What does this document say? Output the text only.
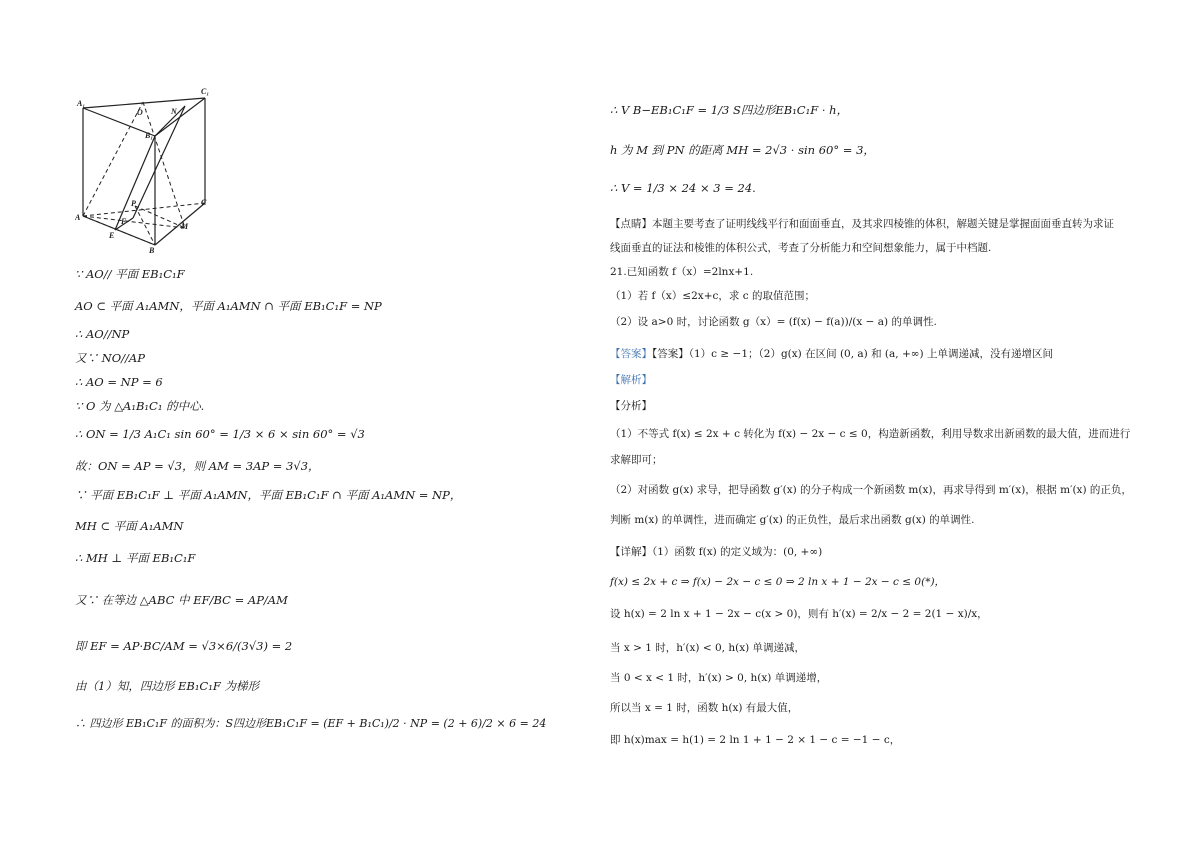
A₁
C₁
O	N
B₁
A
C
F
P
M
E
B
∵ AO// 平面 EB₁C₁F
AO ⊂ 平面 A₁AMN，平面 A₁AMN ∩ 平面 EB₁C₁F = NP
∴ AO//NP
又∵ NO//AP
∴ AO = NP = 6
∵ O 为 △A₁B₁C₁ 的中心.
∴ ON = 1/3 A₁C₁ sin 60° = 1/3 × 6 × sin 60° = √3
故：ON = AP = √3，则 AM = 3AP = 3√3，
∵ 平面 EB₁C₁F ⊥ 平面 A₁AMN，平面 EB₁C₁F ∩ 平面 A₁AMN = NP，
MH ⊂ 平面 A₁AMN
∴ MH ⊥ 平面 EB₁C₁F
又∵ 在等边 △ABC 中 EF/BC = AP/AM
即 EF = AP·BC/AM = √3×6/(3√3) = 2
由（1）知，四边形 EB₁C₁F 为梯形
∴ 四边形 EB₁C₁F 的面积为：S四边形EB₁C₁F = (EF + B₁C₁)/2 · NP = (2 + 6)/2 × 6 = 24
∴ V B−EB₁C₁F = 1/3 S四边形EB₁C₁F · h，
h 为 M 到 PN 的距离 MH = 2√3 · sin 60° = 3，
∴ V = 1/3 × 24 × 3 = 24.
【点睛】本题主要考查了证明线线平行和面面垂直，及其求四棱锥的体积，解题关键是掌握面面垂直转为求证
线面垂直的证法和棱锥的体积公式，考查了分析能力和空间想象能力，属于中档题.
21.已知函数 f（x）=2lnx+1.
（1）若 f（x）≤2x+c，求 c 的取值范围；
（2）设 a>0 时，讨论函数 g（x）= (f(x) − f(a))/(x − a) 的单调性.
【答案】【答案】（1）c ≥ −1；（2）g(x) 在区间 (0, a) 和 (a, +∞) 上单调递减，没有递增区间
【解析】
【分析】
（1）不等式 f(x) ≤ 2x + c 转化为 f(x) − 2x − c ≤ 0，构造新函数，利用导数求出新函数的最大值，进而进行
求解即可；
（2）对函数 g(x) 求导，把导函数 g′(x) 的分子构成一个新函数 m(x)，再求导得到 m′(x)，根据 m′(x) 的正负，
判断 m(x) 的单调性，进而确定 g′(x) 的正负性，最后求出函数 g(x) 的单调性.
【详解】（1）函数 f(x) 的定义域为：(0, +∞)
f(x) ≤ 2x + c ⇒ f(x) − 2x − c ≤ 0 ⇒ 2 ln x + 1 − 2x − c ≤ 0(*)，
设 h(x) = 2 ln x + 1 − 2x − c(x > 0)，则有 h′(x) = 2/x − 2 = 2(1 − x)/x，
当 x > 1 时，h′(x) < 0, h(x) 单调递减，
当 0 < x < 1 时，h′(x) > 0, h(x) 单调递增，
所以当 x = 1 时，函数 h(x) 有最大值，
即 h(x)max = h(1) = 2 ln 1 + 1 − 2 × 1 − c = −1 − c，
